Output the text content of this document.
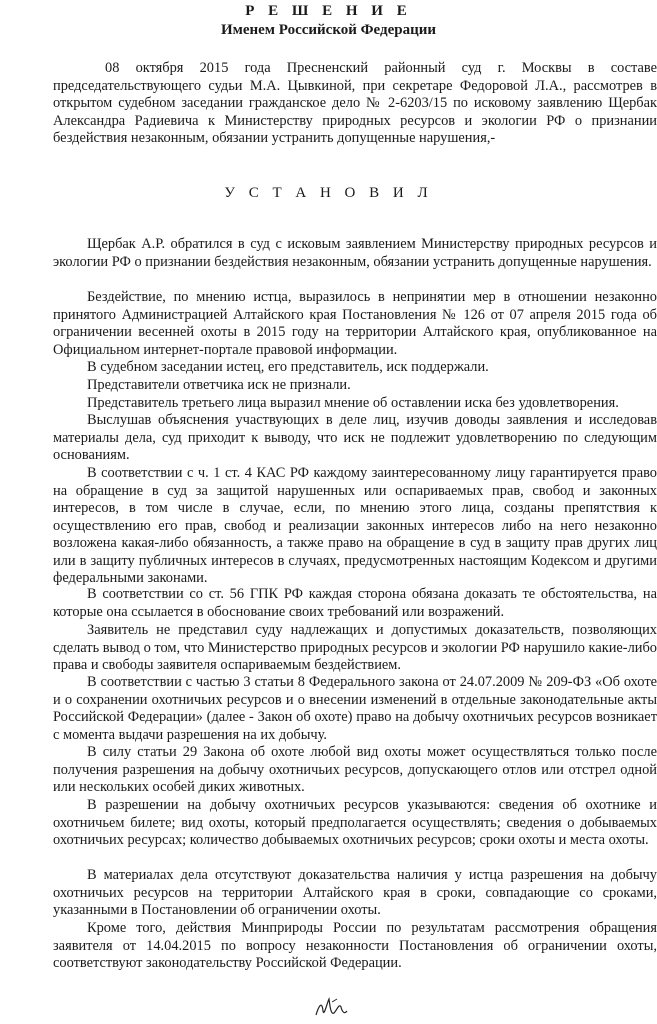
Р Е Ш Е Н И Е
Именем Российской Федерации

08 октября 2015 года Пресненский районный суд г. Москвы в составе председательствующего судьи М.А. Цывкиной, при секретаре Федоровой Л.А., рассмотрев в открытом судебном заседании гражданское дело № 2-6203/15 по исковому заявлению Щербак Александра Радиевича к Министерству природных ресурсов и экологии РФ о признании бездействия незаконным, обязании устранить допущенные нарушения,-

У С Т А Н О В И Л

Щербак А.Р. обратился в суд с исковым заявлением Министерству природных ресурсов и экологии РФ о признании бездействия незаконным, обязании устранить допущенные нарушения.

Бездействие, по мнению истца, выразилось в непринятии мер в отношении незаконно принятого Администрацией Алтайского края Постановления № 126 от 07 апреля 2015 года об ограничении весенней охоты в 2015 году на территории Алтайского края, опубликованное на Официальном интернет-портале правовой информации.

В судебном заседании истец, его представитель, иск поддержали.

Представители ответчика иск не признали.

Представитель третьего лица выразил мнение об оставлении иска без удовлетворения.

Выслушав объяснения участвующих в деле лиц, изучив доводы заявления и исследовав материалы дела, суд приходит к выводу, что иск не подлежит удовлетворению по следующим основаниям.

В соответствии с ч. 1 ст. 4 КАС РФ каждому заинтересованному лицу гарантируется право на обращение в суд за защитой нарушенных или оспариваемых прав, свобод и законных интересов, в том числе в случае, если, по мнению этого лица, созданы препятствия к осуществлению его прав, свобод и реализации законных интересов либо на него незаконно возложена какая-либо обязанность, а также право на обращение в суд в защиту прав других лиц или в защиту публичных интересов в случаях, предусмотренных настоящим Кодексом и другими федеральными законами.

В соответствии со ст. 56 ГПК РФ каждая сторона обязана доказать те обстоятельства, на которые она ссылается в обоснование своих требований или возражений.

Заявитель не представил суду надлежащих и допустимых доказательств, позволяющих сделать вывод о том, что Министерство природных ресурсов и экологии РФ нарушило какие-либо права и свободы заявителя оспариваемым бездействием.

В соответствии с частью 3 статьи 8 Федерального закона от 24.07.2009 № 209-ФЗ «Об охоте и о сохранении охотничьих ресурсов и о внесении изменений в отдельные законодательные акты Российской Федерации» (далее - Закон об охоте) право на добычу охотничьих ресурсов возникает с момента выдачи разрешения на их добычу.

В силу статьи 29 Закона об охоте любой вид охоты может осуществляться только после получения разрешения на добычу охотничьих ресурсов, допускающего отлов или отстрел одной или нескольких особей диких животных.

В разрешении на добычу охотничьих ресурсов указываются: сведения об охотнике и охотничьем билете; вид охоты, который предполагается осуществлять; сведения о добываемых охотничьих ресурсах; количество добываемых охотничьих ресурсов; сроки охоты и места охоты.

В материалах дела отсутствуют доказательства наличия у истца разрешения на добычу охотничьих ресурсов на территории Алтайского края в сроки, совпадающие со сроками, указанными в Постановлении об ограничении охоты.

Кроме того, действия Минприроды России по результатам рассмотрения обращения заявителя от 14.04.2015 по вопросу незаконности Постановления об ограничении охоты, соответствуют законодательству Российской Федерации.
